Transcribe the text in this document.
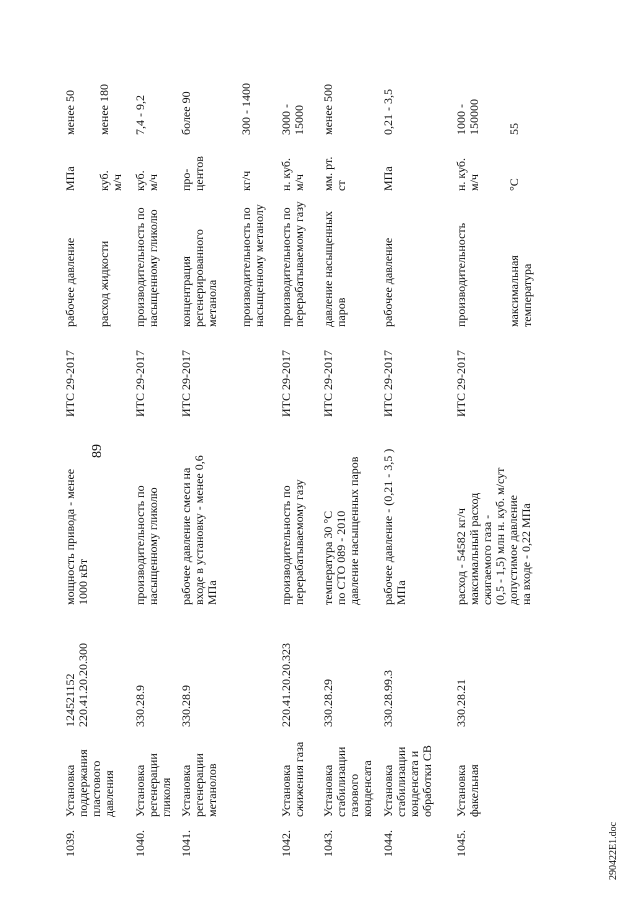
89
1039.
Установка поддержания пластового давления
124521152 220.41.20.20.300
мощность привода - менее 1000 кВт
ИТС 29-2017
рабочее давление
МПа
менее 50
расход жидкости
куб. м/ч
менее 180
1040.
Установка регенерации гликоля
330.28.9
производительность по насыщенному гликолю
ИТС 29-2017
производительность по насыщенному гликолю
куб. м/ч
7,4 - 9,2
1041.
Установка регенерации метанолов
330.28.9
рабочее давление смеси на входе в установку - менее 0,6 МПа
ИТС 29-2017
концентрация регенерированного метанола
про- центов
более 90
производительность по насыщенному метанолу
кг/ч
300 - 1400
1042.
Установка сжижения газа
220.41.20.20.323
производительность по перерабатываемому газу
ИТС 29-2017
производительность по перерабатываемому газу
н. куб. м/ч
3000 - 15000
1043.
Установка стабилизации газового конденсата
330.28.29
температура 30 °С по СТО 089 - 2010 давление насыщенных паров
ИТС 29-2017
давление насыщенных паров
мм. рт. ст
менее 500
1044.
Установка стабилизации конденсата и обработки СВ
330.28.99.3
рабочее давление - (0,21 - 3,5 ) МПа
ИТС 29-2017
рабочее давление
МПа
0,21 - 3,5
1045.
Установка факельная
330.28.21
расход - 54582 кг/ч максимальный расход сжигаемого газа - (0,5 - 1,5) млн н. куб. м/сут допустимое давление на входе - 0,22 МПа
ИТС 29-2017
производительность
н. куб. м/ч
1000 - 150000
максимальная температура
°С
55
290422Е1.doc
